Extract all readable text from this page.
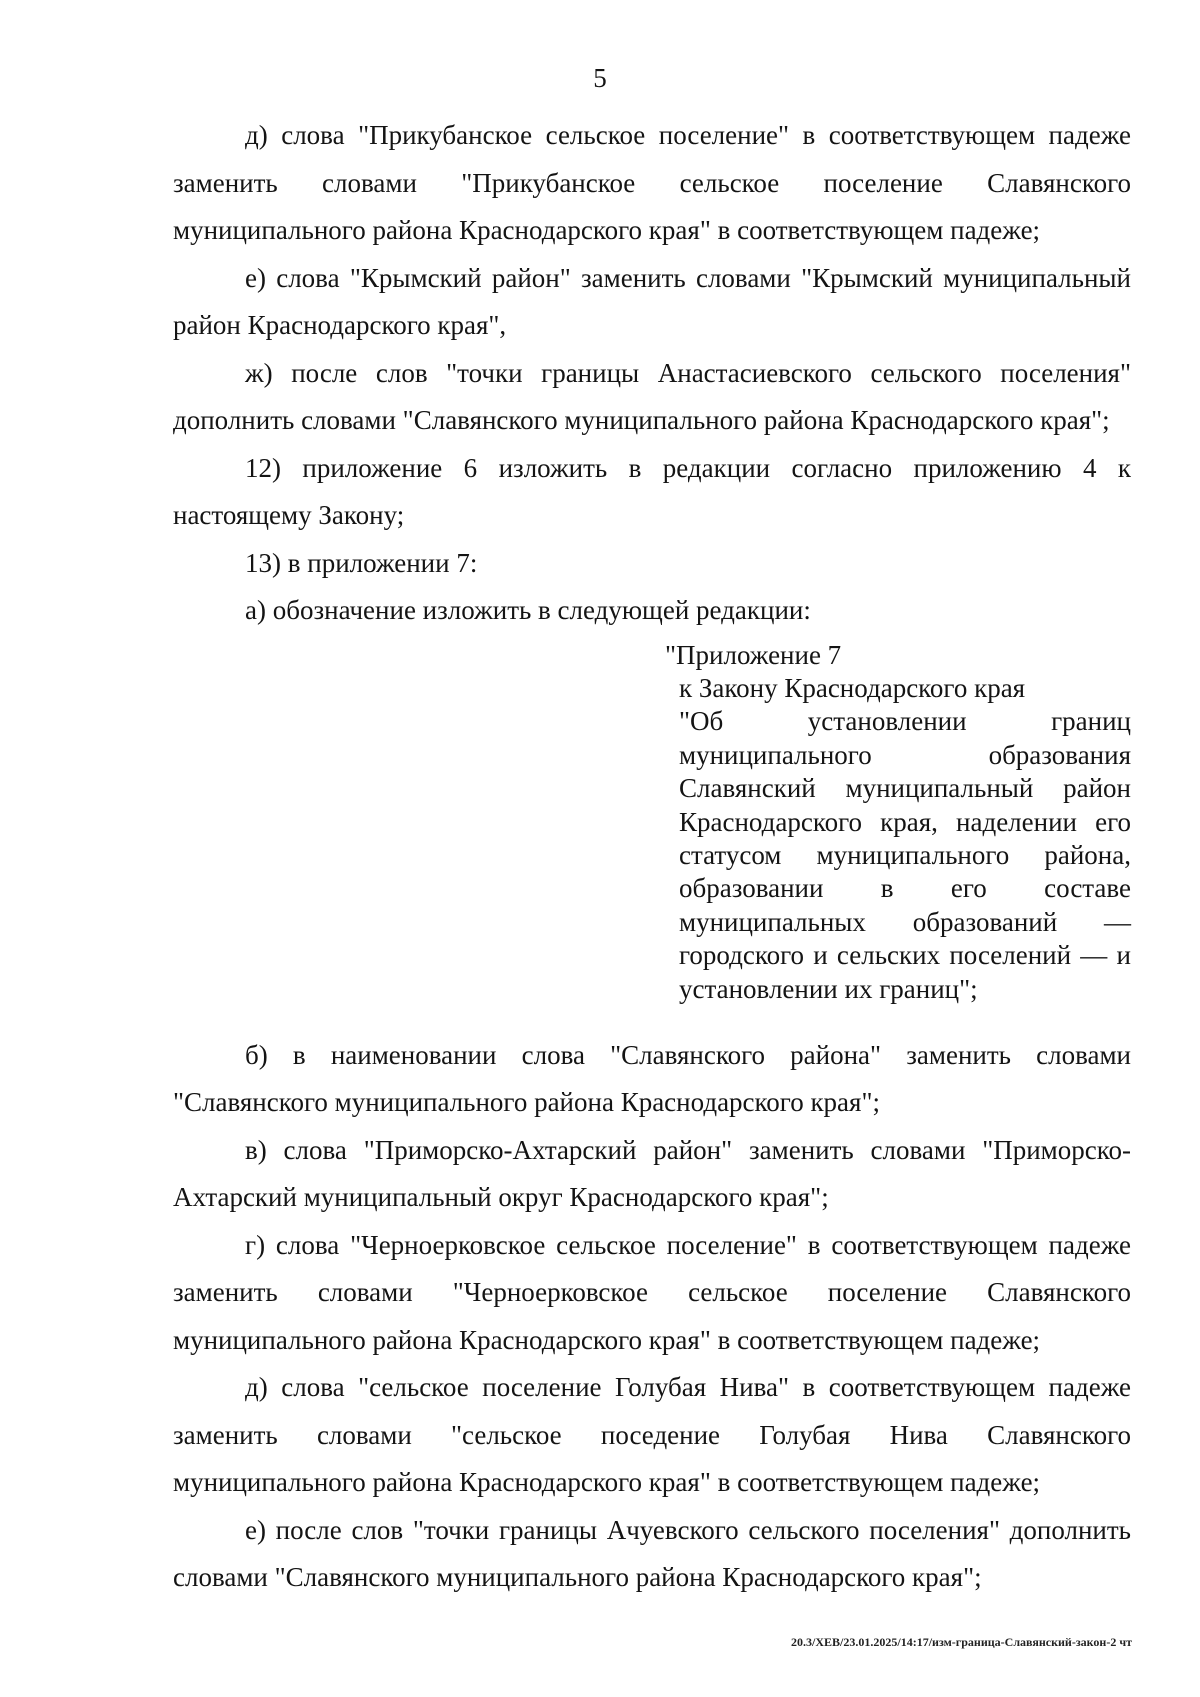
5

д) слова "Прикубанское сельское поселение" в соответствующем падеже заменить словами "Прикубанское сельское поселение Славянского муниципального района Краснодарского края" в соответствующем падеже;

е) слова "Крымский район" заменить словами "Крымский муниципальный район Краснодарского края",

ж) после слов "точки границы Анастасиевского сельского поселения" дополнить словами "Славянского муниципального района Краснодарского края";

12) приложение 6 изложить в редакции согласно приложению 4 к настоящему Закону;

13) в приложении 7:

а) обозначение изложить в следующей редакции:

"Приложение 7

к Закону Краснодарского края

"Об установлении границ муниципального образования Славянский муниципальный район Краснодарского края, наделении его статусом муниципального района, образовании в его составе муниципальных образований — городского и сельских поселений — и установлении их границ";

б) в наименовании слова "Славянского района" заменить словами "Славянского муниципального района Краснодарского края";

в) слова "Приморско-Ахтарский район" заменить словами "Приморско-Ахтарский муниципальный округ Краснодарского края";

г) слова "Черноерковское сельское поселение" в соответствующем падеже заменить словами "Черноерковское сельское поселение Славянского муниципального района Краснодарского края" в соответствующем падеже;

д) слова "сельское поселение Голубая Нива" в соответствующем падеже заменить словами "сельское поседение Голубая Нива Славянского муниципального района Краснодарского края" в соответствующем падеже;

е) после слов "точки границы Ачуевского сельского поселения" дополнить словами "Славянского муниципального района Краснодарского края";

20.3/ХЕВ/23.01.2025/14:17/изм-граница-Славянский-закон-2 чт
